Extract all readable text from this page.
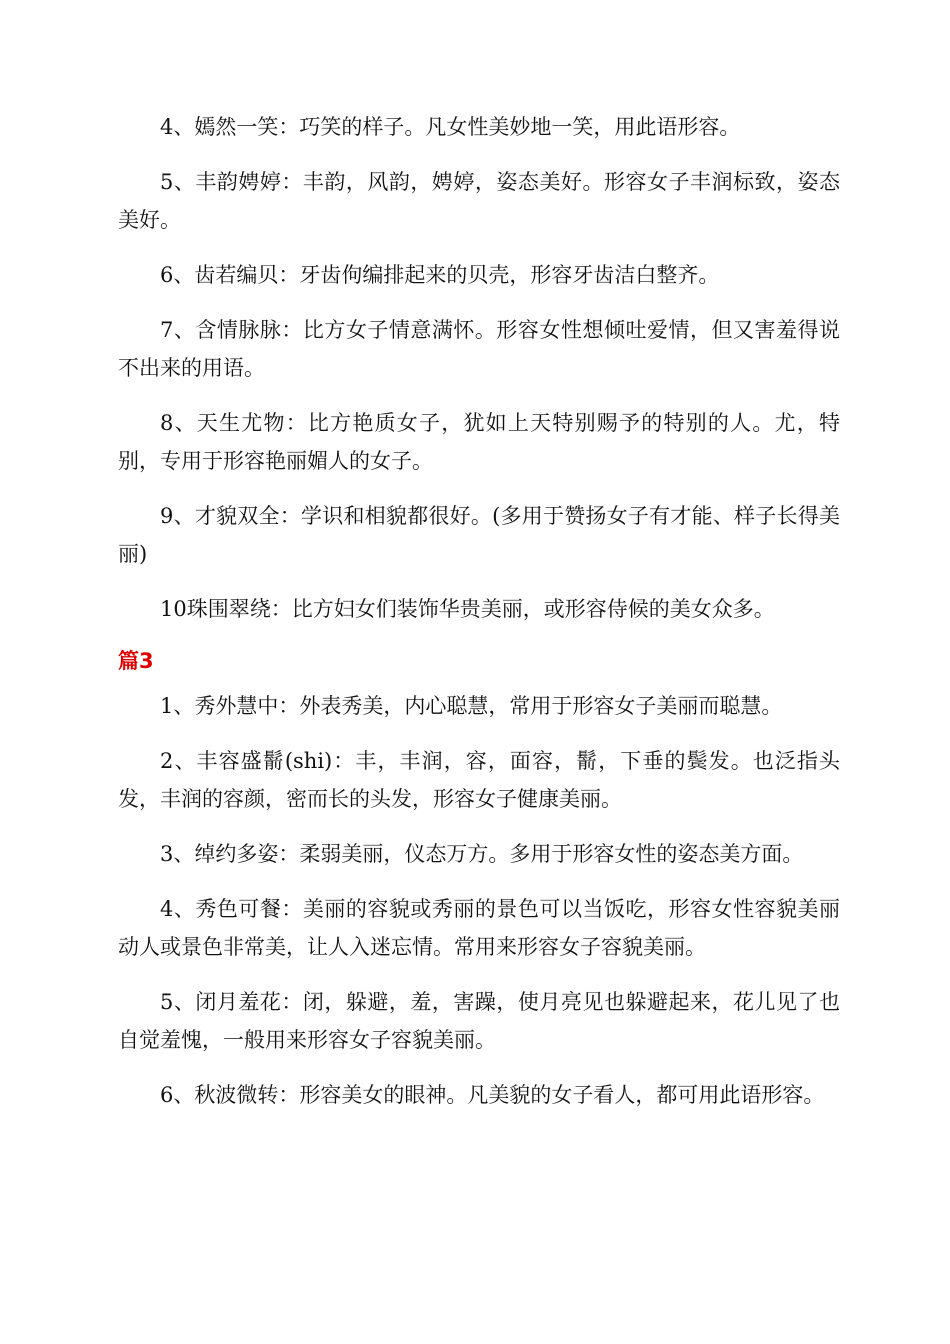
4、嫣然一笑：巧笑的样子。凡女性美妙地一笑，用此语形容。

5、丰韵娉婷：丰韵，风韵，娉婷，姿态美好。形容女子丰润标致，姿态美好。

6、齿若编贝：牙齿佝编排起来的贝壳，形容牙齿洁白整齐。

7、含情脉脉：比方女子情意满怀。形容女性想倾吐爱情，但又害羞得说不出来的用语。

8、天生尤物：比方艳质女子，犹如上天特别赐予的特别的人。尤，特别，专用于形容艳丽媚人的女子。

9、才貌双全：学识和相貌都很好。(多用于赞扬女子有才能、样子长得美丽)

10珠围翠绕：比方妇女们装饰华贵美丽，或形容侍候的美女众多。

篇3

1、秀外慧中：外表秀美，内心聪慧，常用于形容女子美丽而聪慧。

2、丰容盛鬋(shi)：丰，丰润，容，面容，鬋，下垂的鬓发。也泛指头发，丰润的容颜，密而长的头发，形容女子健康美丽。

3、绰约多姿：柔弱美丽，仪态万方。多用于形容女性的姿态美方面。

4、秀色可餐：美丽的容貌或秀丽的景色可以当饭吃，形容女性容貌美丽动人或景色非常美，让人入迷忘情。常用来形容女子容貌美丽。

5、闭月羞花：闭，躲避，羞，害躁，使月亮见也躲避起来，花儿见了也自觉羞愧，一般用来形容女子容貌美丽。

6、秋波微转：形容美女的眼神。凡美貌的女子看人，都可用此语形容。
